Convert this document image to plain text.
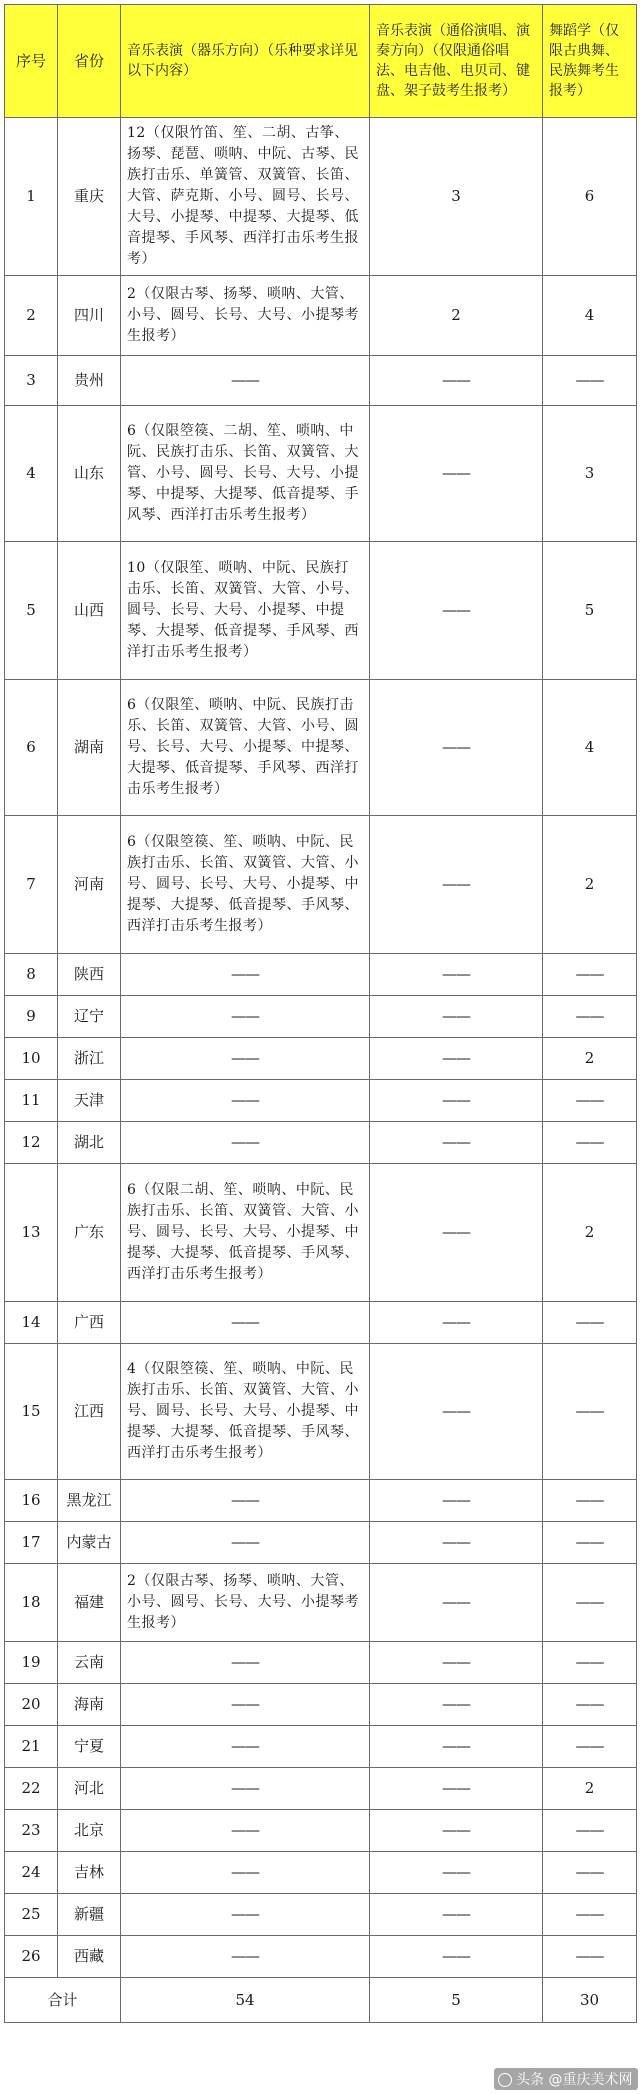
序号	省份	音乐表演（器乐方向）（乐种要求详见以下内容）	音乐表演（通俗演唱、演奏方向）（仅限通俗唱法、电吉他、电贝司、键盘、架子鼓考生报考）	舞蹈学（仅限古典舞、民族舞考生报考）
1	重庆	12（仅限竹笛、笙、二胡、古筝、扬琴、琵琶、唢呐、中阮、古琴、民族打击乐、单簧管、双簧管、长笛、大管、萨克斯、小号、圆号、长号、大号、小提琴、中提琴、大提琴、低音提琴、手风琴、西洋打击乐考生报考）	3	6
2	四川	2（仅限古琴、扬琴、唢呐、大管、小号、圆号、长号、大号、小提琴考生报考）	2	4
3	贵州	——	——	——
4	山东	6（仅限箜篌、二胡、笙、唢呐、中阮、民族打击乐、长笛、双簧管、大管、小号、圆号、长号、大号、小提琴、中提琴、大提琴、低音提琴、手风琴、西洋打击乐考生报考）	——	3
5	山西	10（仅限笙、唢呐、中阮、民族打击乐、长笛、双簧管、大管、小号、圆号、长号、大号、小提琴、中提琴、大提琴、低音提琴、手风琴、西洋打击乐考生报考）	——	5
6	湖南	6（仅限笙、唢呐、中阮、民族打击乐、长笛、双簧管、大管、小号、圆号、长号、大号、小提琴、中提琴、大提琴、低音提琴、手风琴、西洋打击乐考生报考）	——	4
7	河南	6（仅限箜篌、笙、唢呐、中阮、民族打击乐、长笛、双簧管、大管、小号、圆号、长号、大号、小提琴、中提琴、大提琴、低音提琴、手风琴、西洋打击乐考生报考）	——	2
8	陕西	——	——	——
9	辽宁	——	——	——
10	浙江	——	——	2
11	天津	——	——	——
12	湖北	——	——	——
13	广东	6（仅限二胡、笙、唢呐、中阮、民族打击乐、长笛、双簧管、大管、小号、圆号、长号、大号、小提琴、中提琴、大提琴、低音提琴、手风琴、西洋打击乐考生报考）	——	2
14	广西	——	——	——
15	江西	4（仅限箜篌、笙、唢呐、中阮、民族打击乐、长笛、双簧管、大管、小号、圆号、长号、大号、小提琴、中提琴、大提琴、低音提琴、手风琴、西洋打击乐考生报考）	——	——
16	黑龙江	——	——	——
17	内蒙古	——	——	——
18	福建	2（仅限古琴、扬琴、唢呐、大管、小号、圆号、长号、大号、小提琴考生报考）	——	——
19	云南	——	——	——
20	海南	——	——	——
21	宁夏	——	——	——
22	河北	——	——	2
23	北京	——	——	——
24	吉林	——	——	——
25	新疆	——	——	——
26	西藏	——	——	——
合计		54	5	30
头条 @重庆美术网
